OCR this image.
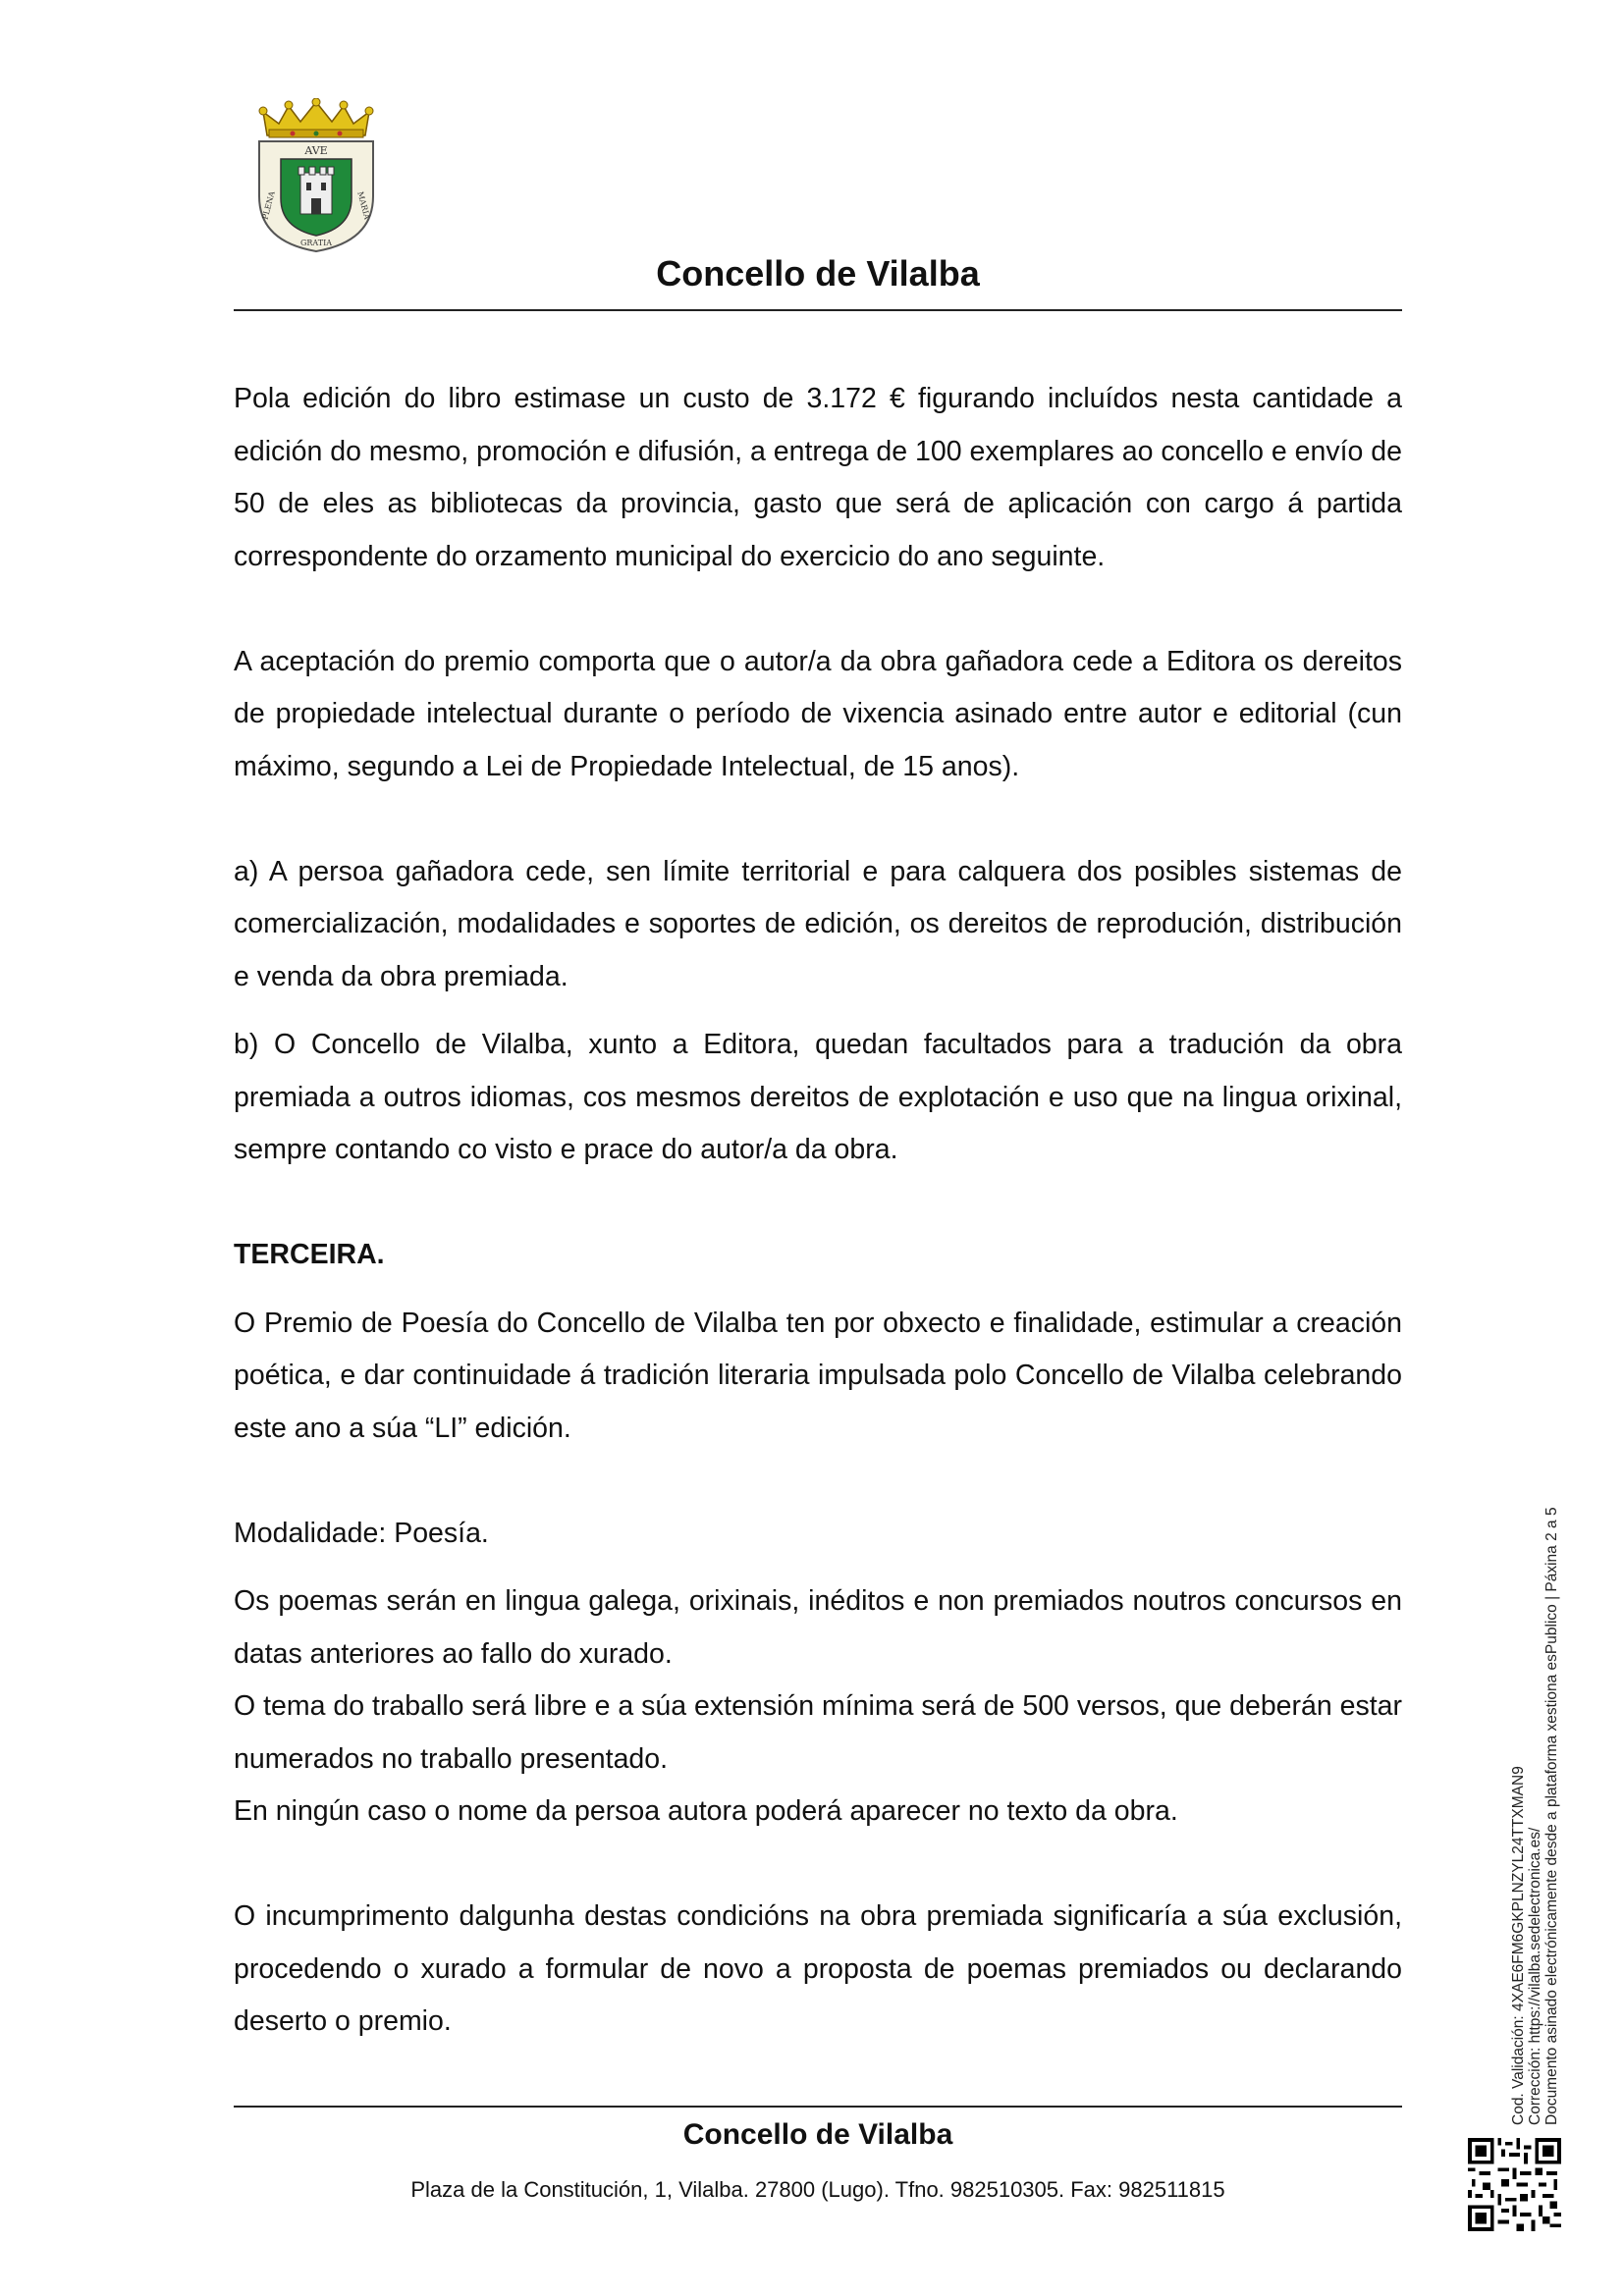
AVE
PLENA	MARIA
GRATIA
Concello de Vilalba

Pola edición do libro estimase un custo de 3.172 € figurando incluídos nesta cantidade a edición do mesmo, promoción e difusión, a entrega de 100 exemplares ao concello e envío de 50 de eles as bibliotecas da provincia, gasto que será de aplicación con cargo á partida correspondente do orzamento municipal do exercicio do ano seguinte.

A aceptación do premio comporta que o autor/a da obra gañadora cede a Editora os dereitos de propiedade intelectual durante o período de vixencia asinado entre autor e editorial (cun máximo, segundo a Lei de Propiedade Intelectual, de 15 anos).

a) A persoa gañadora cede, sen límite territorial e para calquera dos posibles sistemas de comercialización, modalidades e soportes de edición, os dereitos de reprodución, distribución e venda da obra premiada.

b) O Concello de Vilalba, xunto a Editora, quedan facultados para a tradución da obra premiada a outros idiomas, cos mesmos dereitos de explotación e uso que na lingua orixinal, sempre contando co visto e prace do autor/a da obra.

TERCEIRA.

O Premio de Poesía do Concello de Vilalba ten por obxecto e finalidade, estimular a creación poética, e dar continuidade á tradición literaria impulsada polo Concello de Vilalba celebrando este ano a súa “LI” edición.

Modalidade: Poesía.

Os poemas serán en lingua galega, orixinais, inéditos e non premiados noutros concursos en datas anteriores ao fallo do xurado.

O tema do traballo será libre e a súa extensión mínima será de 500 versos, que deberán estar numerados no traballo presentado.

En ningún caso o nome da persoa autora poderá aparecer no texto da obra.

O incumprimento dalgunha destas condicións na obra premiada significaría a súa exclusión, procedendo o xurado a formular de novo a proposta de poemas premiados ou declarando deserto o premio.

Concello de Vilalba
Plaza de la Constitución, 1, Vilalba. 27800 (Lugo). Tfno. 982510305. Fax: 982511815
Cod. Validación: 4XAE6FM6GKPLNZYL24TTXMAN9 Corrección: https://vilalba.sedelectronica.es/ Documento asinado electrónicamente desde a plataforma xestiona esPublico | Páxina 2 a 5
